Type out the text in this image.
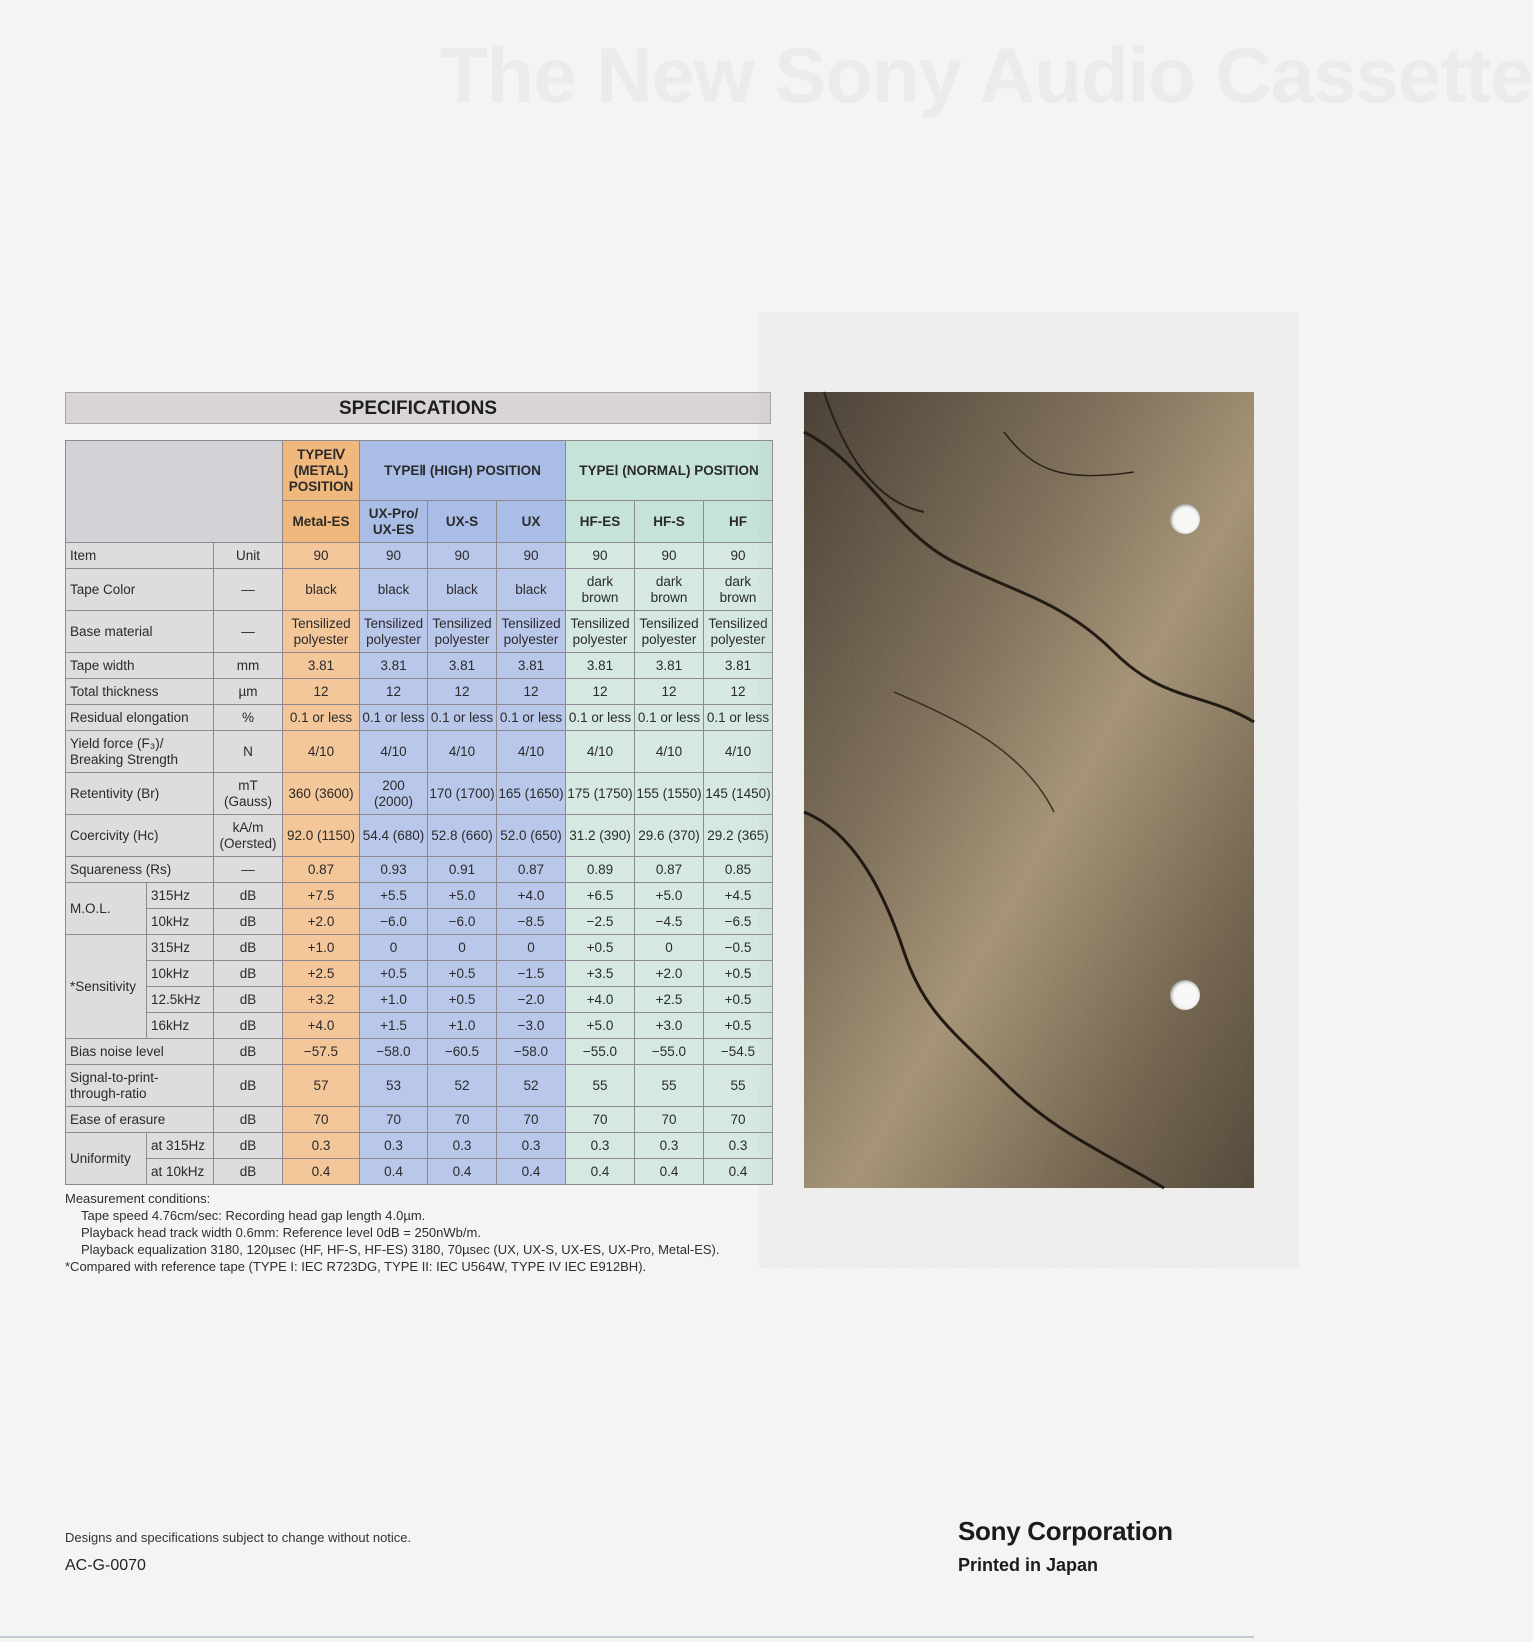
The New Sony Audio Cassette
SPECIFICATIONS
			TYPEⅣ (METAL) POSITION	TYPEⅡ (HIGH) POSITION			TYPEⅠ (NORMAL) POSITION		
			Metal-ES	UX-Pro/ UX-ES	UX-S	UX	HF-ES	HF-S	HF
Item		Unit	90	90	90	90	90	90	90
Tape Color		—	black	black	black	black	dark brown	dark brown	dark brown
Base material		—	Tensilized polyester	Tensilized polyester	Tensilized polyester	Tensilized polyester	Tensilized polyester	Tensilized polyester	Tensilized polyester
Tape width		mm	3.81	3.81	3.81	3.81	3.81	3.81	3.81
Total thickness		µm	12	12	12	12	12	12	12
Residual elongation		%	0.1 or less	0.1 or less	0.1 or less	0.1 or less	0.1 or less	0.1 or less	0.1 or less
Yield force (F₃)/ Breaking Strength		N	4/10	4/10	4/10	4/10	4/10	4/10	4/10
Retentivity (Br)		mT (Gauss)	360 (3600)	200 (2000)	170 (1700)	165 (1650)	175 (1750)	155 (1550)	145 (1450)
Coercivity (Hc)		kA/m (Oersted)	92.0 (1150)	54.4 (680)	52.8 (660)	52.0 (650)	31.2 (390)	29.6 (370)	29.2 (365)
Squareness (Rs)		—	0.87	0.93	0.91	0.87	0.89	0.87	0.85
M.O.L.	315Hz	dB	+7.5	+5.5	+5.0	+4.0	+6.5	+5.0	+4.5
	10kHz	dB	+2.0	−6.0	−6.0	−8.5	−2.5	−4.5	−6.5
*Sensitivity	315Hz	dB	+1.0	0	0	0	+0.5	0	−0.5
	10kHz	dB	+2.5	+0.5	+0.5	−1.5	+3.5	+2.0	+0.5
	12.5kHz	dB	+3.2	+1.0	+0.5	−2.0	+4.0	+2.5	+0.5
	16kHz	dB	+4.0	+1.5	+1.0	−3.0	+5.0	+3.0	+0.5
Bias noise level		dB	−57.5	−58.0	−60.5	−58.0	−55.0	−55.0	−54.5
Signal-to-print- through-ratio		dB	57	53	52	52	55	55	55
Ease of erasure		dB	70	70	70	70	70	70	70
Uniformity	at 315Hz	dB	0.3	0.3	0.3	0.3	0.3	0.3	0.3
	at 10kHz	dB	0.4	0.4	0.4	0.4	0.4	0.4	0.4
Measurement conditions:
Tape speed 4.76cm/sec: Recording head gap length 4.0µm.
Playback head track width 0.6mm: Reference level 0dB = 250nWb/m.
Playback equalization 3180, 120µsec (HF, HF-S, HF-ES) 3180, 70µsec (UX, UX-S, UX-ES, UX-Pro, Metal-ES).
*Compared with reference tape (TYPE I: IEC R723DG, TYPE II: IEC U564W, TYPE IV IEC E912BH).
Designs and specifications subject to change without notice.
AC-G-0070
Sony Corporation
Printed in Japan
